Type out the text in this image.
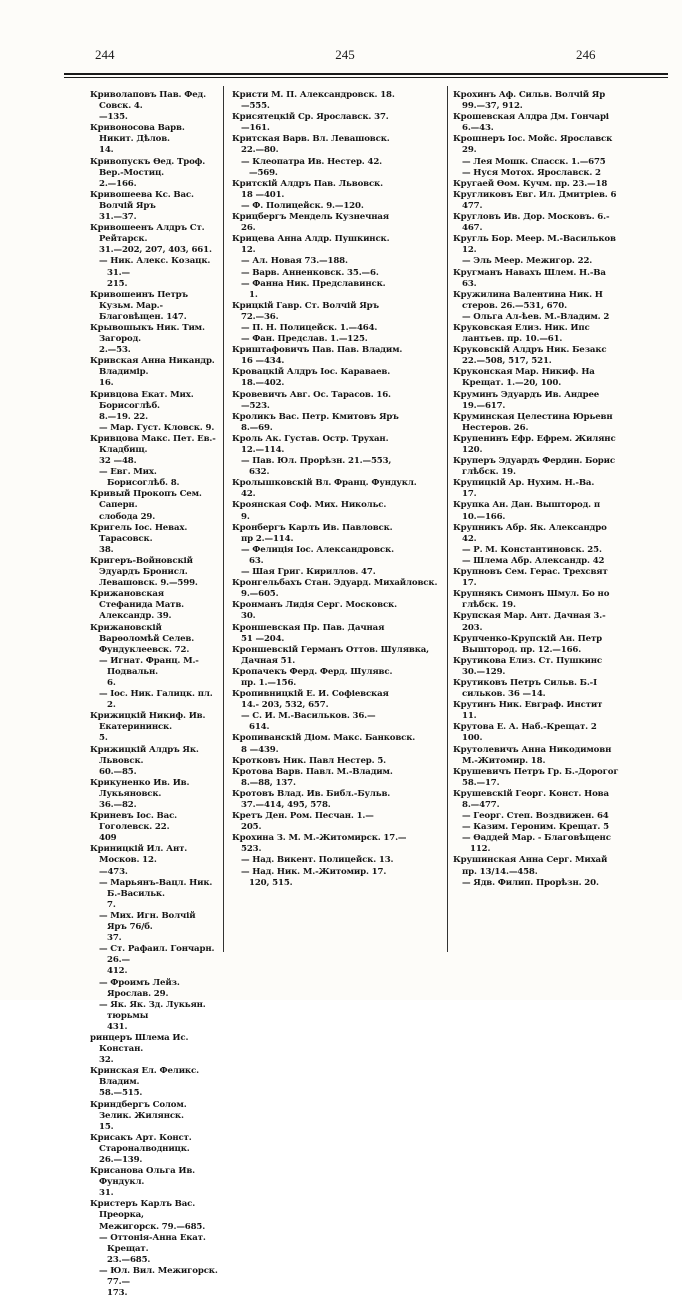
244	245	246

Криволаповъ Пав. Фед. Совск. 4.
—135.

Кривоносова Варв. Никит. Дѣлов.
14.

Кривопускъ Ѳед. Троф. Вер.-Мостиц.
2.—166.

Кривошеева Кс. Вас. Волчій Яръ
31.—37.

Кривошеенъ Алдръ Ст. Рейтарск.
31.—202, 207, 403, 661.

— Ник. Алекс. Козацк. 31.—
215.

Кривошеинъ Петръ Кузьм. Мар.-
Благовѣщен. 147.

Крывошыкъ Ник. Тим. Загород.
2.—53.

Кривская Анна Никандр. Владимір.
16.

Кривцова Екат. Мих. Борисоглѣб.
8.—19. 22.

— Мар. Густ. Кловск. 9.

Кривцова Макс. Пет. Ев.-Кладбищ.
32 —48.

— Евг. Мих. Борисоглѣб. 8.

Кривый Прокопъ Сем. Саперн.
слобода 29.

Кригель Іос. Невах. Тарасовск.
38.

Кригеръ-Войновскій Эдуардъ Бронисл.
Левашовск. 9.—599.

Крижановская Стефанида Матв.
Александр. 39.

Крижановскій Варѳоломѣй Селев.
Фундуклеевск. 72.

— Игнат. Франц. М.-Подвальн.
6.

— Іос. Ник. Галицк. пл. 2.

Крижицкій Никиф. Ив. Екатерининск.
5.

Крижицкій Алдръ Як. Львовск.
60.—85.

Крикуненко Ив. Ив. Лукьяновск.
36.—82.

Криневъ Іос. Вас. Гоголевск. 22.
409

Криницкій Ил. Ант. Москов. 12.
—473.

— Марьянъ-Вацл. Ник. Б.-Васильк.
7.

— Мих. Игн. Волчій Яръ 76/б.
37.

— Ст. Рафаил. Гончарн. 26.—
412.

— Фроимъ Лейз. Ярослав. 29.

— Як. Як. Зд. Лукьян. тюрьмы
431.

ринцеръ Шлема Ис. Констан.
32.

Кринская Ел. Феликс. Владим.
58.—515.

Криндбергъ Солом. Зелик. Жилянск.
15.

Крисакъ Арт. Конст. Староналводницк.
26.—139.

Криcанова Ольга Ив. Фундукл.
31.

Кристеръ Карлъ Вас. Преорка,
Межигорск. 79.—685.

— Оттонія-Анна Екат. Крещат.
23.—685.

— Юл. Вил. Межигорск. 77.—
173.

Кристи М. П. Александровск. 18.
—555.

Крисятецкій Ср. Ярославск. 37.
—161.

Критская Варв. Вл. Левашовск.
22.—80.

— Клеопатра Ив. Нестер. 42.
—569.

Критскій Алдръ Пав. Львовск.
18 —401.

— Ф. Полицейск. 9.—120.

Крицбергъ Мендель Кузнечная
26.

Крицева Анна Алдр. Пушкинск.
12.

— Ал. Новая 73.—188.

— Варв. Анненковск. 35.—6.

— Фанна Ник. Предславинск.
1.

Крицкій Гавр. Ст. Волчій Яръ
72.—36.

— П. Н. Полицейск. 1.—464.

— Фан. Предслав. 1.—125.

Криштафовичъ Пав. Пав. Владим.
16 —434.

Кровацкій Алдръ Іос. Караваев.
18.—402.

Кровевичъ Авг. Ос. Тарасов. 16.
—523.

Кроликъ Вас. Петр. Кмитовъ Яръ
8.—69.

Кроль Ак. Густав. Остр. Трухан.
12.—114.

— Пав. Юл. Прорѣзн. 21.—553,
632.

Кролышковскій Вл. Франц. Фундукл.
42.

Кроянская Соф. Мих. Никольс.
9.

Кронбергъ Карлъ Ив. Павловск.
пр 2.—114.

— Фелиція Іос. Александровск.
63.

— Шая Григ. Кириллов. 47.

Кронгельбахъ Стан. Эдуард. Михайловск.
9.—605.

Кронманъ Лидія Серг. Московск.
30.

Кроншевская Пр. Пав. Дачная
51 —204.

Кроншевскій Германъ Оттов. Шулявка,
Дачная 51.

Кропачекъ Ферд. Ферд. Шулявс.
пр. 1.—156.

Кропивницкій Е. И. Софіевская
14.- 203, 532, 657.

— С. И. М.-Васильков. 36.—
614.

Кропиванскій Діом. Макс. Банковск.
8 —439.

Кротковъ Ник. Павл Нестер. 5.

Кротова Варв. Павл. М.-Владим.
8.—88, 137.

Кротовъ Влад. Ив. Библ.-Бульв.
37.—414, 495, 578.

Кретъ Ден. Ром. Песчан. 1.—
205.

Крохина З. М. М.-Житомирск. 17.—
523.

— Над. Викент. Полицейск. 13.

— Над. Ник. М.-Житомир. 17.
120, 515.

Крохинъ Аф. Сильв. Волчій Яр
99.—37, 912.

Крошевская Алдра Дм. Гончарі
6.—43.

Крошнеръ Іос. Мойс. Ярославск
29.

— Лея Мошк. Спасск. 1.—675

— Нуся Мотох. Ярославск. 2

Кругаей Ѳом. Кучм. пр. 23.—18

Кругликовъ Евг. Ил. Дмитріев. 6
477.

Кругловъ Ив. Дор. Московъ. 6.-
467.

Кругль Бор. Меер. М.-Васильков
12.

— Эль Меер. Межигор. 22.

Кругманъ Навахъ Шлем. Н.-Ва
63.

Кружилина Валентина Ник. Н
стеров. 26.—531, 670.

— Ольга Ал-ѣев. М.-Владим. 2

Круковская Елиз. Ник. Ипс
лантьев. пр. 10.—61.

Круковскій Алдръ Ник. Безакс
22.—508, 517, 521.

Круконская Мар. Никиф. На
Крещат. 1.—20, 100.

Круминъ Эдуардъ Ив. Андрее
19.—617.

Круминская Целестина Юрьевн
Нестеров. 26.

Крупенинъ Ефр. Ефрем. Жилянс
120.

Круперъ Эдуардъ Фердин. Борис
глѣбск. 19.

Крупицкій Ар. Нухим. Н.-Ва.
17.

Крупка Ан. Дан. Выштород. п
10.—166.

Крупникъ Абр. Як. Александро
42.

— Р. М. Константиновск. 25.

— Шлема Абр. Александр. 42

Крупновъ Сем. Герас. Трехсвят
17.

Крупнякъ Симонъ Шмул. Бо но
глѣбск. 19.

Крупская Мар. Ант. Дачная 3.-
203.

Крупченко-Крупскій Ан. Петр
Выштород. пр. 12.—166.

Крутикова Елиз. Ст. Пушкинс
30.—129.

Крутиковъ Петръ Сильв. Б.-І
сильков. 36 —14.

Крутинъ Ник. Евграф. Инстит
11.

Крутова Е. А. Наб.-Крещат. 2
100.

Крутолевичъ Анна Никодимовн
М.-Житомир. 18.

Крушевичъ Петръ Гр. Б.-Дорогог
58.—17.

Крушевскій Георг. Конст. Нова
8.—477.

— Георг. Степ. Воздвижен. 64

— Казим. Героним. Крещат. 5

— Ѳаддей Мар. - Благовѣщенс
112.

Крушинская Анна Серг. Михай
пр. 13/14.—458.

— Ядв. Филип. Прорѣзн. 20.
